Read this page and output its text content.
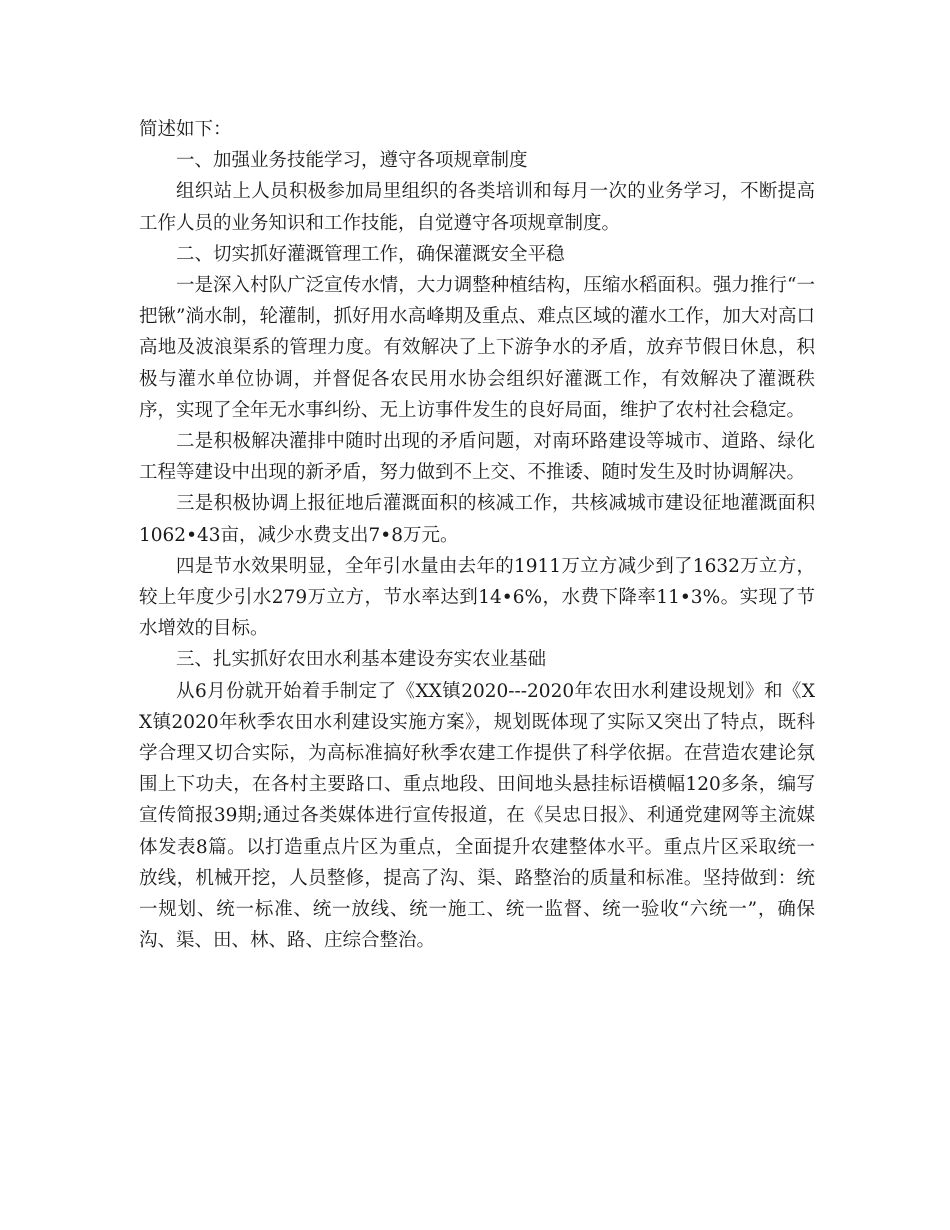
简述如下：

一、加强业务技能学习，遵守各项规章制度

组织站上人员积极参加局里组织的各类培训和每月一次的业务学习，不断提高工作人员的业务知识和工作技能，自觉遵守各项规章制度。

二、切实抓好灌溉管理工作，确保灌溉安全平稳

一是深入村队广泛宣传水情，大力调整种植结构，压缩水稻面积。强力推行“一把锹”淌水制，轮灌制，抓好用水高峰期及重点、难点区域的灌水工作，加大对高口高地及波浪渠系的管理力度。有效解决了上下游争水的矛盾，放弃节假日休息，积极与灌水单位协调，并督促各农民用水协会组织好灌溉工作，有效解决了灌溉秩序，实现了全年无水事纠纷、无上访事件发生的良好局面，维护了农村社会稳定。

二是积极解决灌排中随时出现的矛盾问题，对南环路建设等城市、道路、绿化工程等建设中出现的新矛盾，努力做到不上交、不推诿、随时发生及时协调解决。

三是积极协调上报征地后灌溉面积的核减工作，共核减城市建设征地灌溉面积1062•43亩，减少水费支出7•8万元。

四是节水效果明显，全年引水量由去年的1911万立方减少到了1632万立方，较上年度少引水279万立方，节水率达到14•6%，水费下降率11•3%。实现了节水增效的目标。

三、扎实抓好农田水利基本建设夯实农业基础

从6月份就开始着手制定了《XX镇2020---2020年农田水利建设规划》和《XX镇2020年秋季农田水利建设实施方案》，规划既体现了实际又突出了特点，既科学合理又切合实际，为高标准搞好秋季农建工作提供了科学依据。在营造农建论氛围上下功夫，在各村主要路口、重点地段、田间地头悬挂标语横幅120多条，编写宣传简报39期;通过各类媒体进行宣传报道，在《吴忠日报》、利通党建网等主流媒体发表8篇。以打造重点片区为重点，全面提升农建整体水平。重点片区采取统一放线，机械开挖，人员整修，提高了沟、渠、路整治的质量和标准。坚持做到：统一规划、统一标准、统一放线、统一施工、统一监督、统一验收“六统一”，确保沟、渠、田、林、路、庄综合整治。
